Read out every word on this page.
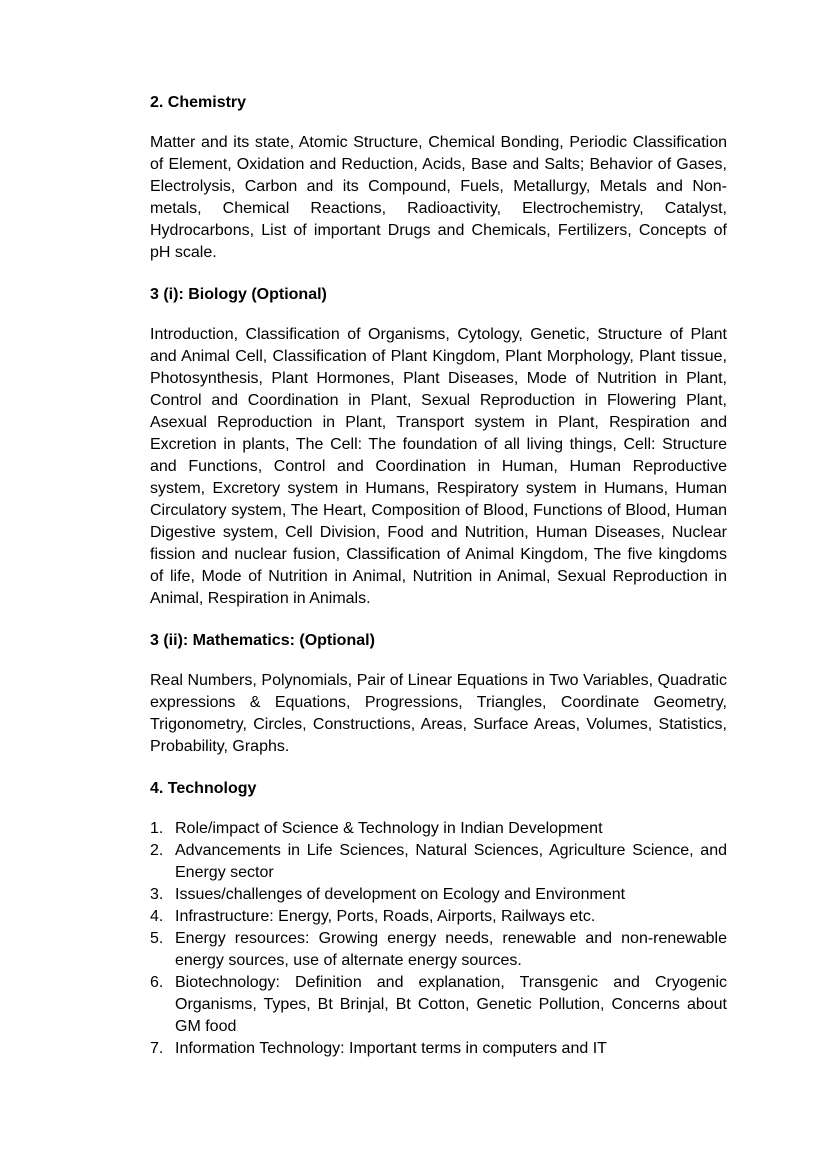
2. Chemistry

Matter and its state, Atomic Structure, Chemical Bonding, Periodic Classification of Element, Oxidation and Reduction, Acids, Base and Salts; Behavior of Gases, Electrolysis, Carbon and its Compound, Fuels, Metallurgy, Metals and Non-metals, Chemical Reactions, Radioactivity, Electrochemistry, Catalyst, Hydrocarbons, List of important Drugs and Chemicals, Fertilizers, Concepts of pH scale.

3 (i): Biology (Optional)

Introduction, Classification of Organisms, Cytology, Genetic, Structure of Plant and Animal Cell, Classification of Plant Kingdom, Plant Morphology, Plant tissue, Photosynthesis, Plant Hormones, Plant Diseases, Mode of Nutrition in Plant, Control and Coordination in Plant, Sexual Reproduction in Flowering Plant, Asexual Reproduction in Plant, Transport system in Plant, Respiration and Excretion in plants, The Cell: The foundation of all living things, Cell: Structure and Functions, Control and Coordination in Human, Human Reproductive system, Excretory system in Humans, Respiratory system in Humans, Human Circulatory system, The Heart, Composition of Blood, Functions of Blood, Human Digestive system, Cell Division, Food and Nutrition, Human Diseases, Nuclear fission and nuclear fusion, Classification of Animal Kingdom, The five kingdoms of life, Mode of Nutrition in Animal, Nutrition in Animal, Sexual Reproduction in Animal, Respiration in Animals.

3 (ii): Mathematics: (Optional)

Real Numbers, Polynomials, Pair of Linear Equations in Two Variables, Quadratic expressions & Equations, Progressions, Triangles, Coordinate Geometry, Trigonometry, Circles, Constructions, Areas, Surface Areas, Volumes, Statistics, Probability, Graphs.

4. Technology
1. Role/impact of Science & Technology in Indian Development
2. Advancements in Life Sciences, Natural Sciences, Agriculture Science, and Energy sector
3. Issues/challenges of development on Ecology and Environment
4. Infrastructure: Energy, Ports, Roads, Airports, Railways etc.
5. Energy resources: Growing energy needs, renewable and non-renewable energy sources, use of alternate energy sources.
6. Biotechnology: Definition and explanation, Transgenic and Cryogenic Organisms, Types, Bt Brinjal, Bt Cotton, Genetic Pollution, Concerns about GM food
7. Information Technology: Important terms in computers and IT
